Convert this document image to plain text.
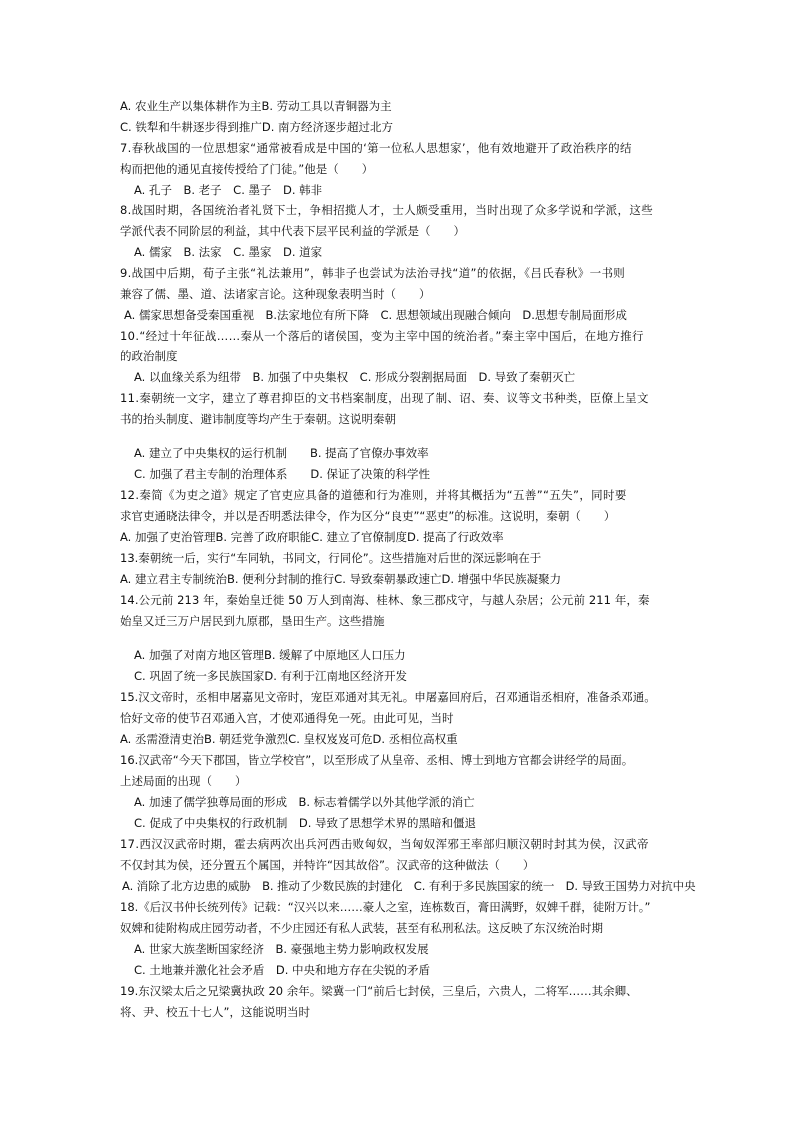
A. 农业生产以集体耕作为主B. 劳动工具以青铜器为主
C. 铁犁和牛耕逐步得到推广D. 南方经济逐步超过北方
7.春秋战国的一位思想家“通常被看成是中国的‘第一位私人思想家’，他有效地避开了政治秩序的结
构而把他的通见直接传授给了门徒。”他是（　　）
A. 孔子　B. 老子　C. 墨子　D. 韩非
8.战国时期，各国统治者礼贤下士，争相招揽人才，士人颇受重用，当时出现了众多学说和学派，这些
学派代表不同阶层的利益，其中代表下层平民利益的学派是（　　）
A. 儒家　B. 法家　C. 墨家　D. 道家
9.战国中后期，荀子主张“礼法兼用”，韩非子也尝试为法治寻找“道”的依据，《吕氏春秋》一书则
兼容了儒、墨、道、法诸家言论。这种现象表明当时（　　）
A. 儒家思想备受秦国重视　B.法家地位有所下降　C. 思想领域出现融合倾向　D.思想专制局面形成
10.“经过十年征战……秦从一个落后的诸侯国，变为主宰中国的统治者。”秦主宰中国后，在地方推行
的政治制度
A. 以血缘关系为纽带　B. 加强了中央集权　C. 形成分裂割据局面　D. 导致了秦朝灭亡
11.秦朝统一文字，建立了尊君抑臣的文书档案制度，出现了制、诏、奏、议等文书种类，臣僚上呈文
书的抬头制度、避讳制度等均产生于秦朝。这说明秦朝
A. 建立了中央集权的运行机制　　B. 提高了官僚办事效率
C. 加强了君主专制的治理体系　　D. 保证了决策的科学性
12.秦简《为吏之道》规定了官吏应具备的道德和行为准则，并将其概括为“五善”“五失”，同时要
求官吏通晓法律令，并以是否明悉法律令，作为区分“良吏”“恶吏”的标准。这说明，秦朝（　　）
A. 加强了吏治管理B. 完善了政府职能C. 建立了官僚制度D. 提高了行政效率
13.秦朝统一后，实行“车同轨，书同文，行同伦”。这些措施对后世的深远影响在于
A. 建立君主专制统治B. 便利分封制的推行C. 导致秦朝暴政速亡D. 增强中华民族凝聚力
14.公元前 213 年，秦始皇迁徙 50 万人到南海、桂林、象三郡戍守，与越人杂居；公元前 211 年，秦
始皇又迁三万户居民到九原郡，垦田生产。这些措施
A. 加强了对南方地区管理B. 缓解了中原地区人口压力
C. 巩固了统一多民族国家D. 有利于江南地区经济开发
15.汉文帝时，丞相申屠嘉见文帝时，宠臣邓通对其无礼。申屠嘉回府后，召邓通诣丞相府，准备杀邓通。
恰好文帝的使节召邓通入宫，才使邓通得免一死。由此可见，当时
A. 丞需澄清吏治B. 朝廷党争激烈C. 皇权岌岌可危D. 丞相位高权重
16.汉武帝“今天下郡国，皆立学校官”，以至形成了从皇帝、丞相、博士到地方官都会讲经学的局面。
上述局面的出现（　　）
A. 加速了儒学独尊局面的形成　B. 标志着儒学以外其他学派的消亡
C. 促成了中央集权的行政机制　D. 导致了思想学术界的黑暗和僵退
17.西汉汉武帝时期，霍去病两次出兵河西击败匈奴，当匈奴浑邪王率部归顺汉朝时封其为侯，汉武帝
不仅封其为侯，还分置五个属国，并特许“因其故俗”。汉武帝的这种做法（　　）
A. 消除了北方边患的威胁　B. 推动了少数民族的封建化　C. 有利于多民族国家的统一　D. 导致王国势力对抗中央
18.《后汉书仲长统列传》记载：“汉兴以来……豪人之室，连栋数百，膏田满野，奴婢千群，徒附万计。”
奴婢和徒附构成庄园劳动者，不少庄园还有私人武装，甚至有私刑私法。这反映了东汉统治时期
A. 世家大族垄断国家经济　B. 豪强地主势力影响政权发展
C. 土地兼并激化社会矛盾　D. 中央和地方存在尖锐的矛盾
19.东汉梁太后之兄梁冀执政 20 余年。梁冀一门“前后七封侯，三皇后，六贵人，二将军……其余卿、
将、尹、校五十七人”，这能说明当时
